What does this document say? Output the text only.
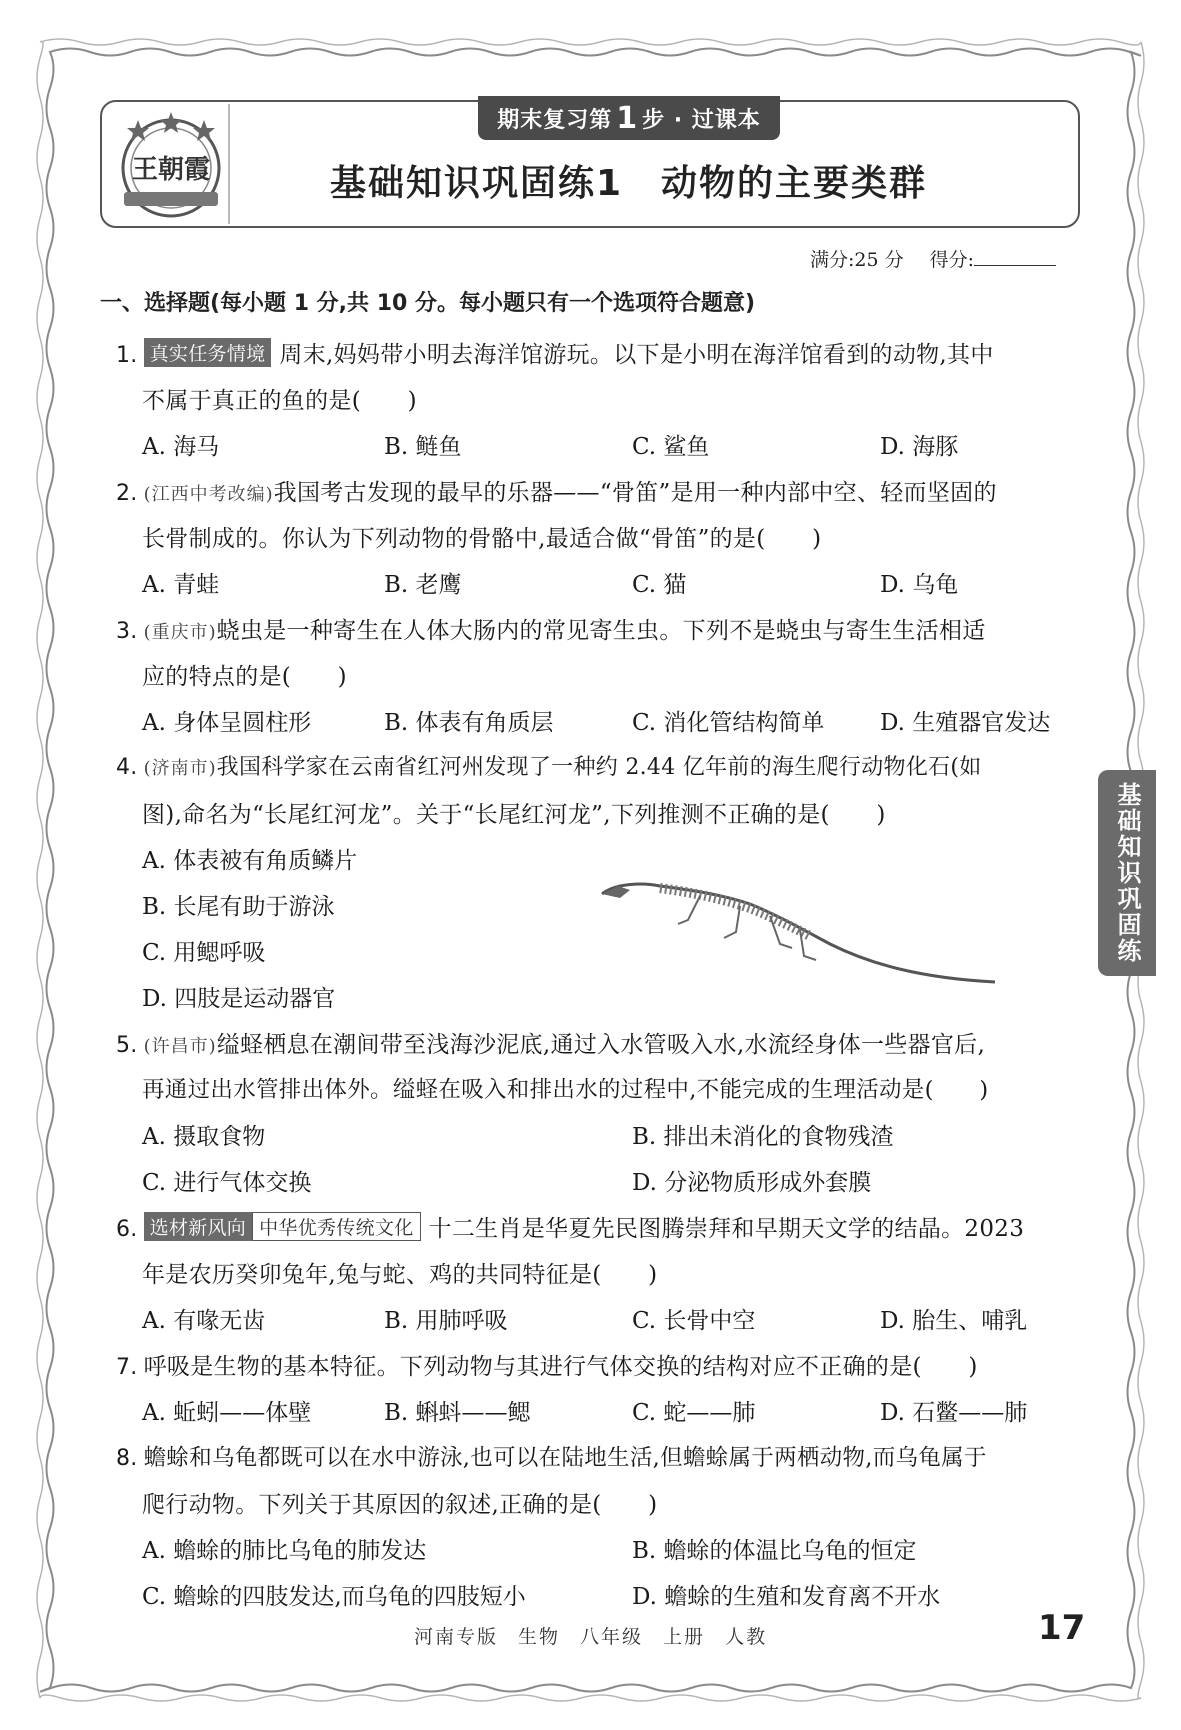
王朝霞
期末复习第 1 步 · 过课本
基础知识巩固练1　动物的主要类群
满分:25 分 得分:
一、选择题(每小题 1 分,共 10 分。每小题只有一个选项符合题意)
1. 真实任务情境 周末,妈妈带小明去海洋馆游玩。以下是小明在海洋馆看到的动物,其中
不属于真正的鱼的是(　　)
A. 海马	B. 鲢鱼	C. 鲨鱼	D. 海豚
2. (江西中考改编)我国考古发现的最早的乐器——“骨笛”是用一种内部中空、轻而坚固的
长骨制成的。你认为下列动物的骨骼中,最适合做“骨笛”的是(　　)
A. 青蛙	B. 老鹰	C. 猫	D. 乌龟
3. (重庆市)蛲虫是一种寄生在人体大肠内的常见寄生虫。下列不是蛲虫与寄生生活相适
应的特点的是(　　)
A. 身体呈圆柱形	B. 体表有角质层	C. 消化管结构简单 D. 生殖器官发达
4. (济南市)我国科学家在云南省红河州发现了一种约 2.44 亿年前的海生爬行动物化石(如
图),命名为“长尾红河龙”。关于“长尾红河龙”,下列推测不正确的是(　　)
A. 体表被有角质鳞片
B. 长尾有助于游泳
C. 用鳃呼吸
D. 四肢是运动器官
5. (许昌市)缢蛏栖息在潮间带至浅海沙泥底,通过入水管吸入水,水流经身体一些器官后,
再通过出水管排出体外。缢蛏在吸入和排出水的过程中,不能完成的生理活动是(　　)
A. 摄取食物	B. 排出未消化的食物残渣
C. 进行气体交换	D. 分泌物质形成外套膜
6. 选材新风向 中华优秀传统文化 十二生肖是华夏先民图腾崇拜和早期天文学的结晶。2023
年是农历癸卯兔年,兔与蛇、鸡的共同特征是(　　)
A. 有喙无齿	B. 用肺呼吸	C. 长骨中空	D. 胎生、哺乳
7. 呼吸是生物的基本特征。下列动物与其进行气体交换的结构对应不正确的是(　　)
A. 蚯蚓——体壁	B. 蝌蚪——鳃	C. 蛇——肺	D. 石鳖——肺
8. 蟾蜍和乌龟都既可以在水中游泳,也可以在陆地生活,但蟾蜍属于两栖动物,而乌龟属于
爬行动物。下列关于其原因的叙述,正确的是(　　)
A. 蟾蜍的肺比乌龟的肺发达	B. 蟾蜍的体温比乌龟的恒定
C. 蟾蜍的四肢发达,而乌龟的四肢短小	D. 蟾蜍的生殖和发育离不开水
基础知识巩固练
河南专版 生物 八年级 上册 人教	17
